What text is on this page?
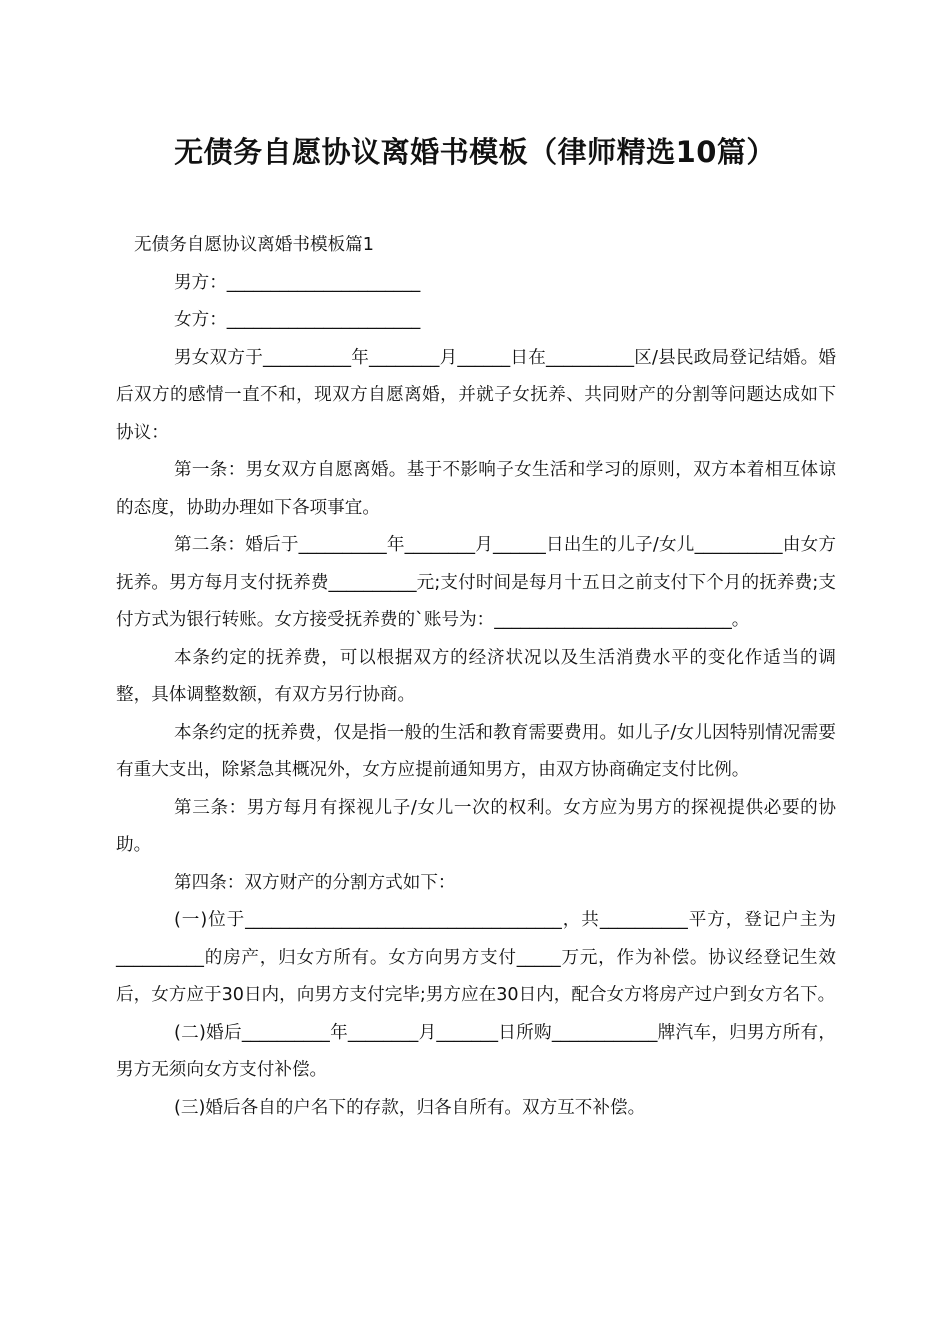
无债务自愿协议离婚书模板（律师精选10篇）

无债务自愿协议离婚书模板篇1

男方：______________________

女方：______________________

男女双方于__________年________月______日在__________区/县民政局登记结婚。婚后双方的感情一直不和，现双方自愿离婚，并就子女抚养、共同财产的分割等问题达成如下协议：

第一条：男女双方自愿离婚。基于不影响子女生活和学习的原则，双方本着相互体谅的态度，协助办理如下各项事宜。

第二条：婚后于__________年________月______日出生的儿子/女儿__________由女方抚养。男方每月支付抚养费__________元;支付时间是每月十五日之前支付下个月的抚养费;支付方式为银行转账。女方接受抚养费的`账号为：___________________________。

本条约定的抚养费，可以根据双方的经济状况以及生活消费水平的变化作适当的调整，具体调整数额，有双方另行协商。

本条约定的抚养费，仅是指一般的生活和教育需要费用。如儿子/女儿因特别情况需要有重大支出，除紧急其概况外，女方应提前通知男方，由双方协商确定支付比例。

第三条：男方每月有探视儿子/女儿一次的权利。女方应为男方的探视提供必要的协助。

第四条：双方财产的分割方式如下：

(一)位于____________________________________，共__________平方，登记户主为__________的房产，归女方所有。女方向男方支付_____万元，作为补偿。协议经登记生效后，女方应于30日内，向男方支付完毕;男方应在30日内，配合女方将房产过户到女方名下。

(二)婚后__________年________月_______日所购____________牌汽车，归男方所有，男方无须向女方支付补偿。

(三)婚后各自的户名下的存款，归各自所有。双方互不补偿。
